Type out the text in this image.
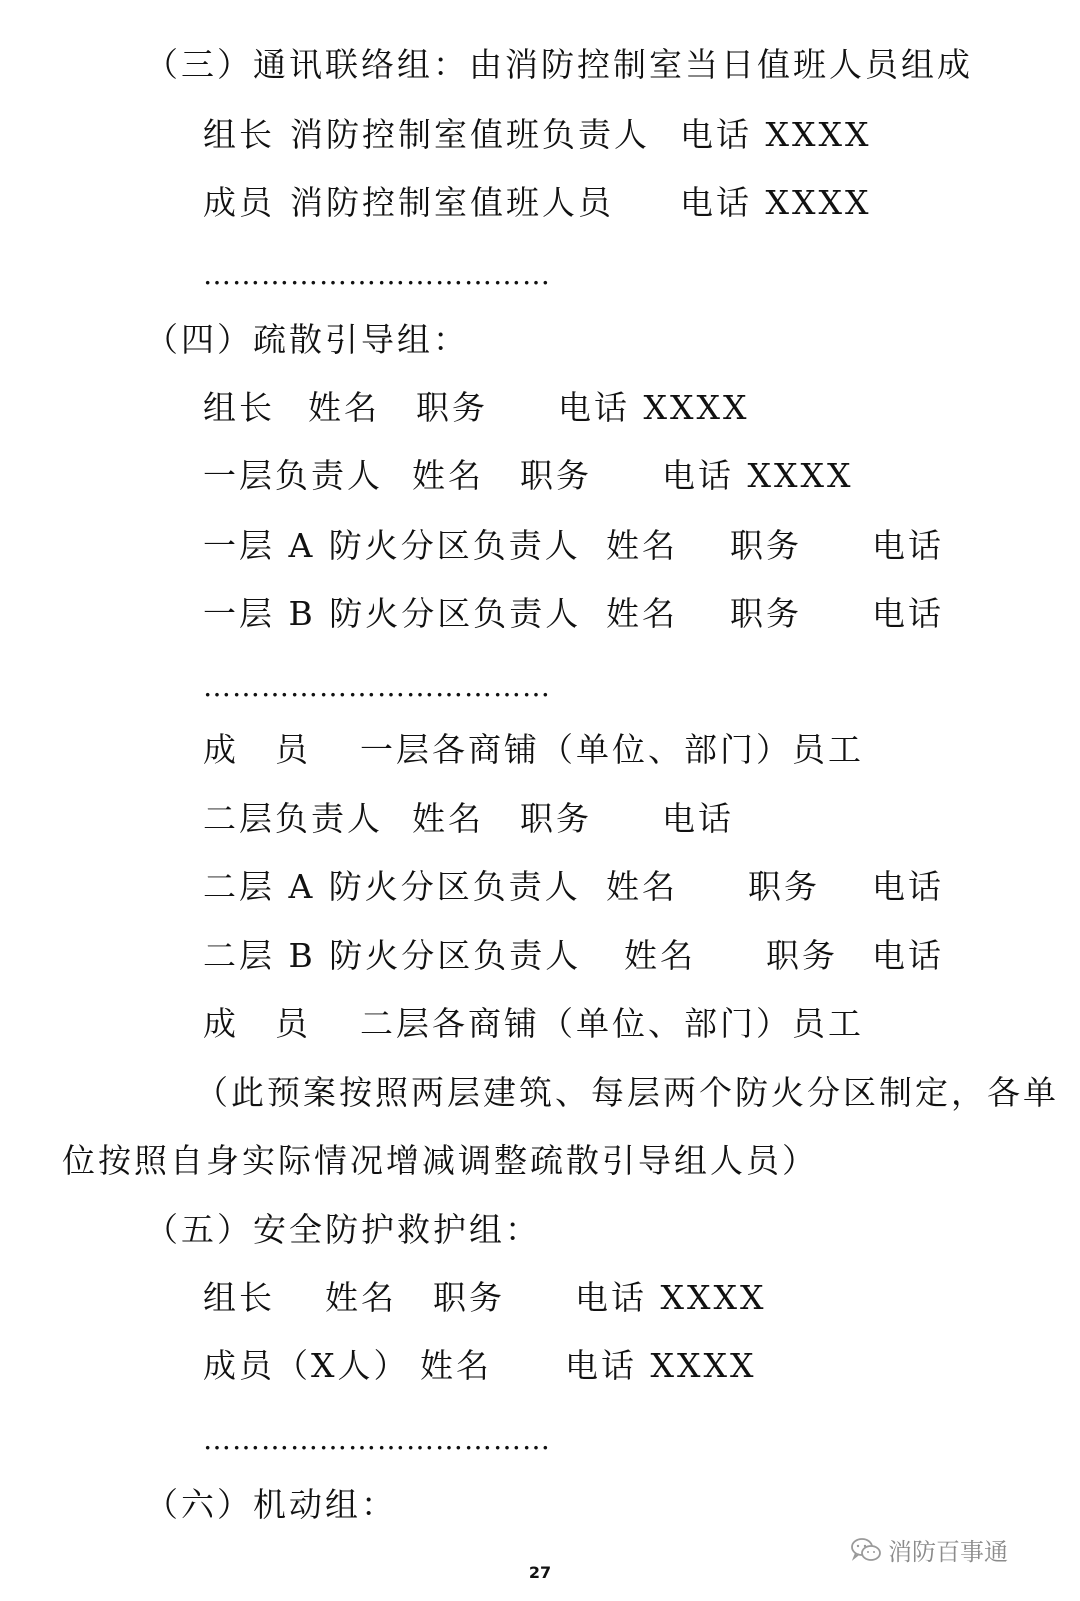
（三）通讯联络组：由消防控制室当日值班人员组成
组长 消防控制室值班负责人 电话 XXXX
成员 消防控制室值班人员 电话 XXXX
………………………………
（四）疏散引导组：
组长 姓名 职务 电话 XXXX
一层负责人 姓名 职务 电话 XXXX
一层 A 防火分区负责人 姓名 职务 电话
一层 B 防火分区负责人 姓名 职务 电话
………………………………
成　员 一层各商铺（单位、部门）员工
二层负责人 姓名 职务 电话
二层 A 防火分区负责人 姓名 职务 电话
二层 B 防火分区负责人 姓名 职务 电话
成　员 二层各商铺（单位、部门）员工
（此预案按照两层建筑、每层两个防火分区制定，各单
位按照自身实际情况增减调整疏散引导组人员）
（五）安全防护救护组：
组长 姓名 职务 电话 XXXX
成员（X人） 姓名 电话 XXXX
………………………………
（六）机动组：
27
消防百事通
